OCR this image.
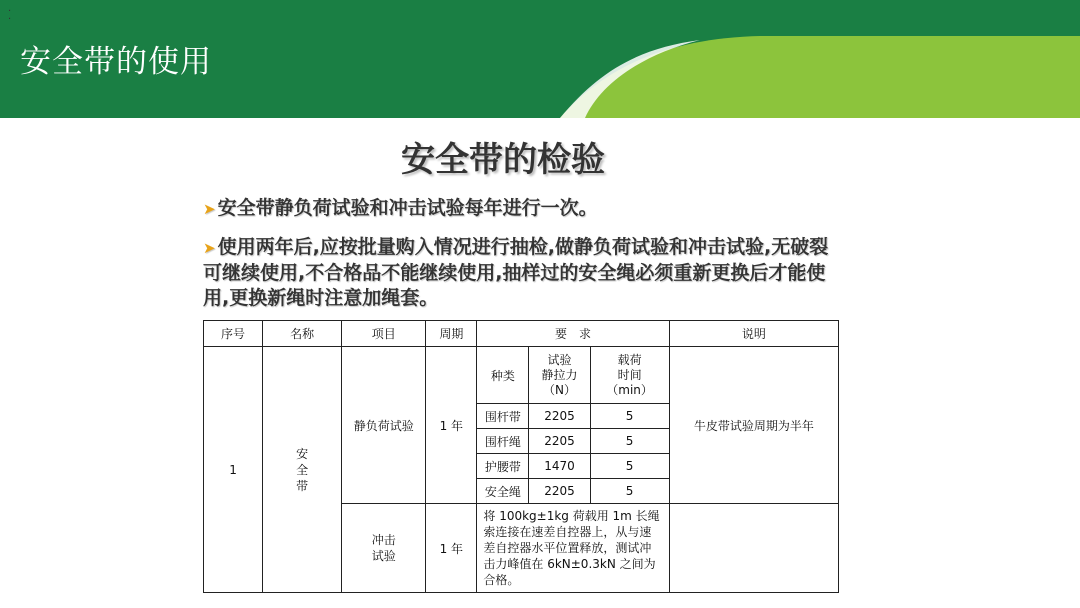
·
·
安全带的使用
安全带的检验
➤ 安全带静负荷试验和冲击试验每年进行一次。
➤ 使用两年后,应按批量购入情况进行抽检,做静负荷试验和冲击试验,无破裂可继续使用,不合格品不能继续使用,抽样过的安全绳必须重新更换后才能使用,更换新绳时注意加绳套。
序号	名称	项目	周期	要　求			说明
1	安
全
带	静负荷试验	1 年	种类	试验
静拉力
（N）	载荷
时间
（min）	牛皮带试验周期为半年
				围杆带	2205	5	
				围杆绳	2205	5	
				护腰带	1470	5	
				安全绳	2205	5	
		冲击
试验	1 年	将 100kg±1kg 荷载用 1m 长绳索连接在速差自控器上，从与速差自控器水平位置释放，测试冲击力峰值在 6kN±0.3kN 之间为合格。			
